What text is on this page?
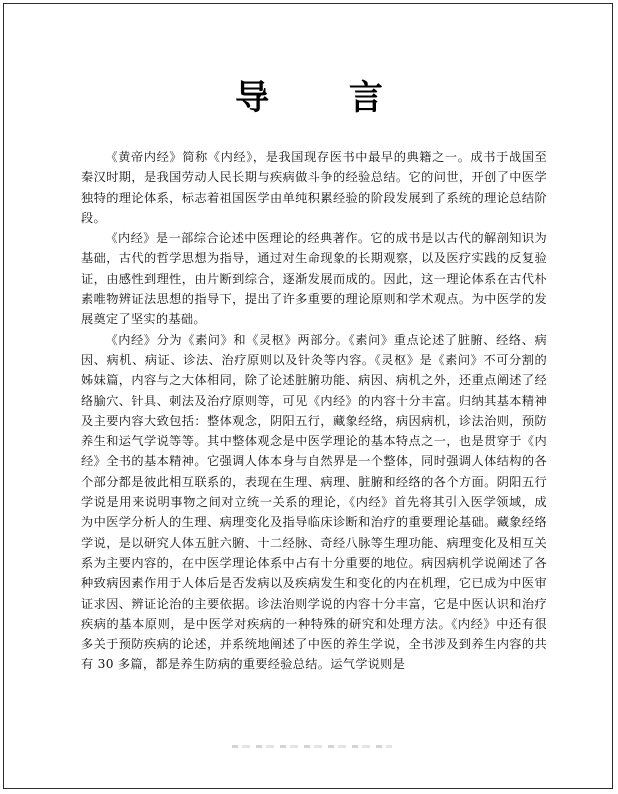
导 言

《黄帝内经》简称《内经》，是我国现存医书中最早的典籍之一。成书于战国至秦汉时期，是我国劳动人民长期与疾病做斗争的经验总结。它的问世，开创了中医学独特的理论体系，标志着祖国医学由单纯积累经验的阶段发展到了系统的理论总结阶段。

《内经》是一部综合论述中医理论的经典著作。它的成书是以古代的解剖知识为基础，古代的哲学思想为指导，通过对生命现象的长期观察，以及医疗实践的反复验证，由感性到理性，由片断到综合，逐渐发展而成的。因此，这一理论体系在古代朴素唯物辨证法思想的指导下，提出了许多重要的理论原则和学术观点。为中医学的发展奠定了坚实的基础。

《内经》分为《素问》和《灵枢》两部分。《素问》重点论述了脏腑、经络、病因、病机、病证、诊法、治疗原则以及针灸等内容。《灵枢》是《素问》不可分割的姊妹篇，内容与之大体相同，除了论述脏腑功能、病因、病机之外，还重点阐述了经络腧穴、针具、刺法及治疗原则等，可见《内经》的内容十分丰富。归纳其基本精神及主要内容大致包括：整体观念，阴阳五行，藏象经络，病因病机，诊法治则，预防养生和运气学说等等。其中整体观念是中医学理论的基本特点之一，也是贯穿于《内经》全书的基本精神。它强调人体本身与自然界是一个整体，同时强调人体结构的各个部分都是彼此相互联系的，表现在生理、病理、脏腑和经络的各个方面。阴阳五行学说是用来说明事物之间对立统一关系的理论，《内经》首先将其引入医学领域，成为中医学分析人的生理、病理变化及指导临床诊断和治疗的重要理论基础。藏象经络学说，是以研究人体五脏六腑、十二经脉、奇经八脉等生理功能、病理变化及相互关系为主要内容的，在中医学理论体系中占有十分重要的地位。病因病机学说阐述了各种致病因素作用于人体后是否发病以及疾病发生和变化的内在机理，它已成为中医审证求因、辨证论治的主要依据。诊法治则学说的内容十分丰富，它是中医认识和治疗疾病的基本原则，是中医学对疾病的一种特殊的研究和处理方法。《内经》中还有很多关于预防疾病的论述，并系统地阐述了中医的养生学说，全书涉及到养生内容的共有 30 多篇，都是养生防病的重要经验总结。运气学说则是
